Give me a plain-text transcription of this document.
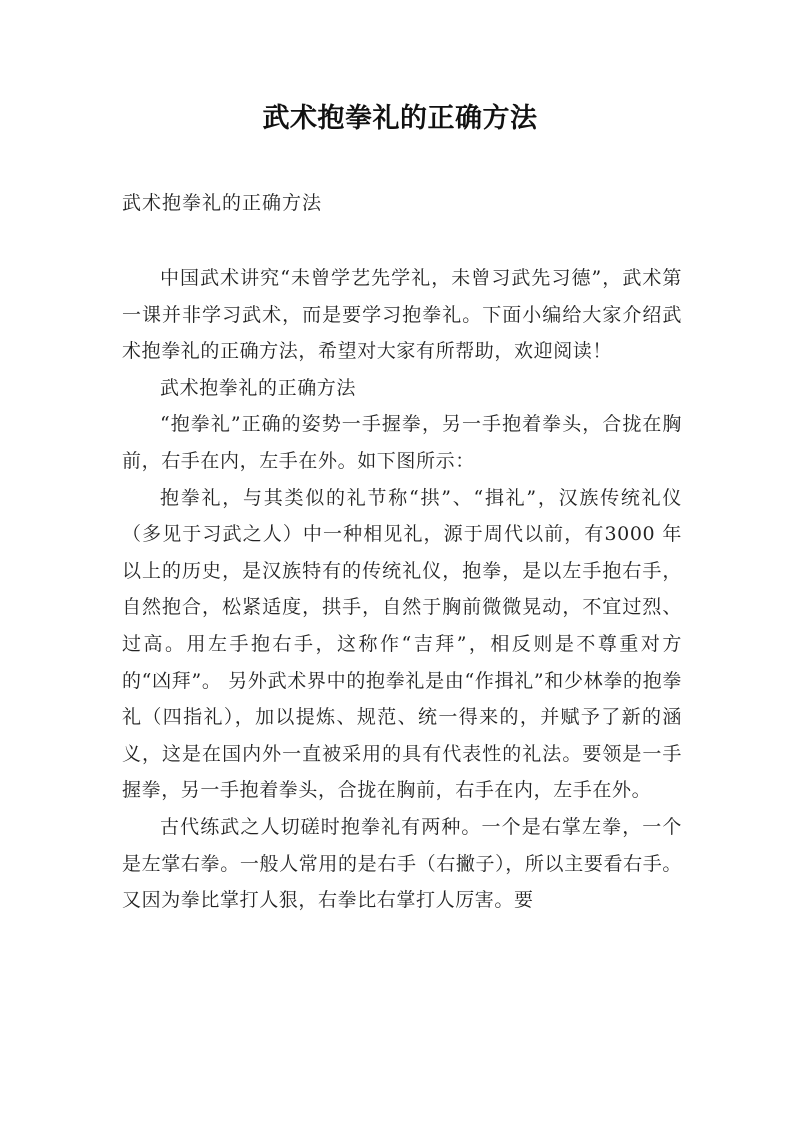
武术抱拳礼的正确方法
武术抱拳礼的正确方法

中国武术讲究“未曾学艺先学礼，未曾习武先习德”，武术第一课并非学习武术，而是要学习抱拳礼。下面小编给大家介绍武术抱拳礼的正确方法，希望对大家有所帮助，欢迎阅读！

武术抱拳礼的正确方法

“抱拳礼”正确的姿势一手握拳，另一手抱着拳头，合拢在胸前，右手在内，左手在外。如下图所示：

抱拳礼，与其类似的礼节称“拱”、“揖礼”，汉族传统礼仪（多见于习武之人）中一种相见礼，源于周代以前，有3000 年以上的历史，是汉族特有的传统礼仪，抱拳，是以左手抱右手，自然抱合，松紧适度，拱手，自然于胸前微微晃动，不宜过烈、过高。用左手抱右手，这称作“吉拜”，相反则是不尊重对方的“凶拜”。 另外武术界中的抱拳礼是由“作揖礼”和少林拳的抱拳礼（四指礼），加以提炼、规范、统一得来的，并赋予了新的涵义，这是在国内外一直被采用的具有代表性的礼法。要领是一手握拳，另一手抱着拳头，合拢在胸前，右手在内，左手在外。

古代练武之人切磋时抱拳礼有两种。一个是右掌左拳，一个是左掌右拳。一般人常用的是右手（右撇子），所以主要看右手。又因为拳比掌打人狠，右拳比右掌打人厉害。要
